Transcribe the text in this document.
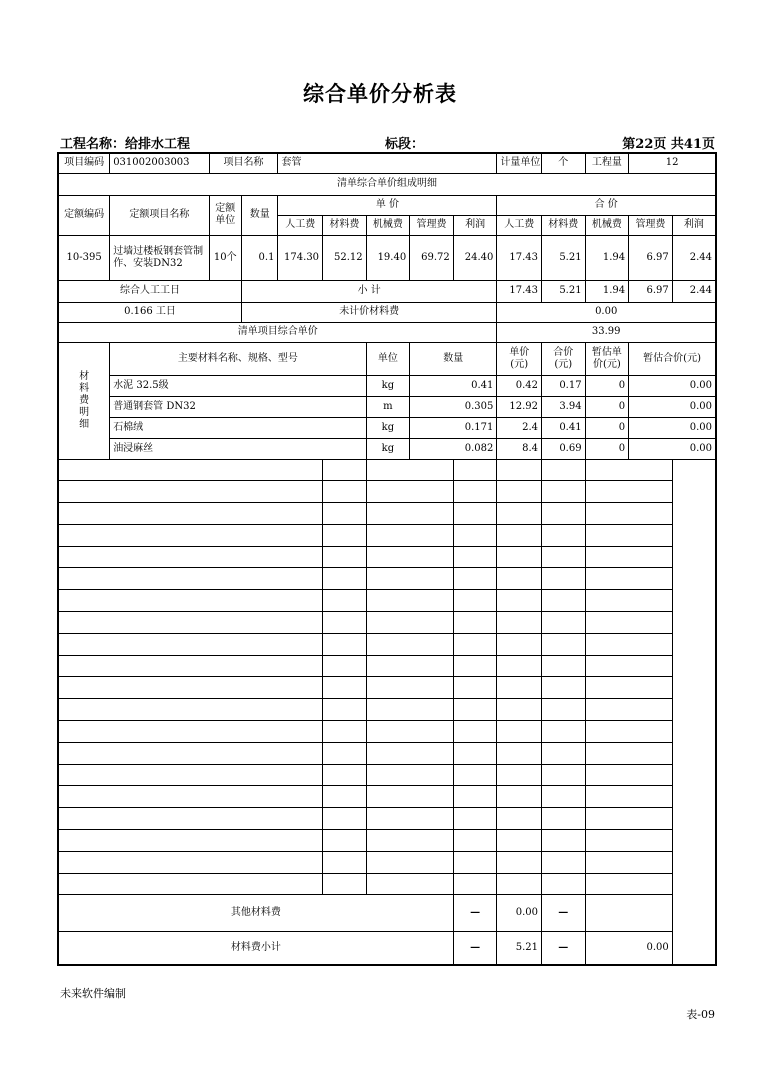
综合单价分析表
工程名称：给排水工程	标段：	第22页 共41页
项目编码	031002003003	项目名称		套管					计量单位	个	工程量	12	
清单综合单价组成明细													
定额编码	定额项目名称	定额单位	数量	单 价					合 价				
				人工费	材料费	机械费	管理费	利润	人工费	材料费	机械费	管理费	利润
10-395	过墙过楼板钢套管制作、安装DN32	10个	0.1	174.30	52.12	19.40	69.72	24.40	17.43	5.21	1.94	6.97	2.44
综合人工工日			小 计						17.43	5.21	1.94	6.97	2.44
0.166 工日			未计价材料费						0.00				
清单项目综合单价									33.99				
材料费明细	主要材料名称、规格、型号					单位	数量		单价(元)	合价(元)	暂估单价(元)	暂估合价(元)	
	水泥 32.5级					kg	0.41		0.42	0.17	0	0.00	
	普通钢套管 DN32					m	0.305		12.92	3.94	0	0.00	
	石棉绒					kg	0.171		2.4	0.41	0	0.00	
	油浸麻丝					kg	0.082		8.4	0.69	0	0.00	

其他材料费								—	0.00	—			
材料费小计								—	5.21	—	0.00		
未来软件编制
表-09
